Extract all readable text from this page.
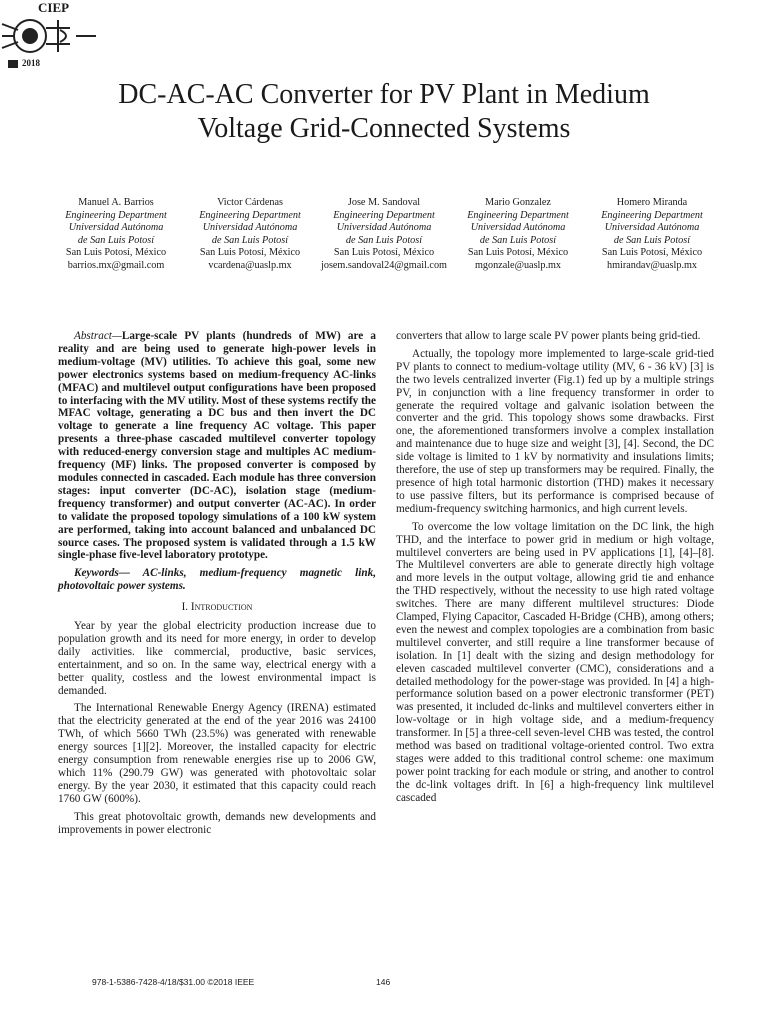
CIEP
2018
DC-AC-AC Converter for PV Plant in Medium
Voltage Grid-Connected Systems
Manuel A. Barrios
Engineering Department
Universidad Autónoma
de San Luis Potosí
San Luis Potosí, México
barrios.mx@gmail.com
Victor Cárdenas
Engineering Department
Universidad Autónoma
de San Luis Potosí
San Luis Potosí, México
vcardena@uaslp.mx
Jose M. Sandoval
Engineering Department
Universidad Autónoma
de San Luis Potosí
San Luis Potosí, México
josem.sandoval24@gmail.com
Mario Gonzalez
Engineering Department
Universidad Autónoma
de San Luis Potosí
San Luis Potosí, México
mgonzale@uaslp.mx
Homero Miranda
Engineering Department
Universidad Autónoma
de San Luis Potosí
San Luis Potosí, México
hmirandav@uaslp.mx

Abstract—Large-scale PV plants (hundreds of MW) are a reality and are being used to generate high-power levels in medium-voltage (MV) utilities. To achieve this goal, some new power electronics systems based on medium-frequency AC-links (MFAC) and multilevel output configurations have been proposed to interfacing with the MV utility. Most of these systems rectify the MFAC voltage, generating a DC bus and then invert the DC voltage to generate a line frequency AC voltage. This paper presents a three-phase cascaded multilevel converter topology with reduced-energy conversion stage and multiples AC medium-frequency (MF) links. The proposed converter is composed by modules connected in cascaded. Each module has three conversion stages: input converter (DC-AC), isolation stage (medium-frequency transformer) and output converter (AC-AC). In order to validate the proposed topology simulations of a 100 kW system are performed, taking into account balanced and unbalanced DC source cases. The proposed system is validated through a 1.5 kW single-phase five-level laboratory prototype.

Keywords— AC-links, medium-frequency magnetic link, photovoltaic power systems.

I. Introduction

Year by year the global electricity production increase due to population growth and its need for more energy, in order to develop daily activities. like commercial, productive, basic services, entertainment, and so on. In the same way, electrical energy with a better quality, costless and the lowest environmental impact is demanded.

The International Renewable Energy Agency (IRENA) estimated that the electricity generated at the end of the year 2016 was 24100 TWh, of which 5660 TWh (23.5%) was generated with renewable energy sources [1][2]. Moreover, the installed capacity for electric energy consumption from renewable energies rise up to 2006 GW, which 11% (290.79 GW) was generated with photovoltaic solar energy. By the year 2030, it estimated that this capacity could reach 1760 GW (600%).

This great photovoltaic growth, demands new developments and improvements in power electronic

converters that allow to large scale PV power plants being grid-tied.

Actually, the topology more implemented to large-scale grid-tied PV plants to connect to medium-voltage utility (MV, 6 - 36 kV) [3] is the two levels centralized inverter (Fig.1) fed up by a multiple strings PV, in conjunction with a line frequency transformer in order to generate the required voltage and galvanic isolation between the converter and the grid. This topology shows some drawbacks. First one, the aforementioned transformers involve a complex installation and maintenance due to huge size and weight [3], [4]. Second, the DC side voltage is limited to 1 kV by normativity and insulations limits; therefore, the use of step up transformers may be required. Finally, the presence of high total harmonic distortion (THD) makes it necessary to use passive filters, but its performance is comprised because of medium-frequency switching harmonics, and high current levels.

To overcome the low voltage limitation on the DC link, the high THD, and the interface to power grid in medium or high voltage, multilevel converters are being used in PV applications [1], [4]–[8]. The Multilevel converters are able to generate directly high voltage and more levels in the output voltage, allowing grid tie and enhance the THD respectively, without the necessity to use high rated voltage switches. There are many different multilevel structures: Diode Clamped, Flying Capacitor, Cascaded H-Bridge (CHB), among others; even the newest and complex topologies are a combination from basic multilevel converter, and still require a line transformer because of isolation. In [1] dealt with the sizing and design methodology for eleven cascaded multilevel converter (CMC), considerations and a detailed methodology for the power-stage was provided. In [4] a high-performance solution based on a power electronic transformer (PET) was presented, it included dc-links and multilevel converters either in low-voltage or in high voltage side, and a medium-frequency transformer. In [5] a three-cell seven-level CHB was tested, the control method was based on traditional voltage-oriented control. Two extra stages were added to this traditional control scheme: one maximum power point tracking for each module or string, and another to control the dc-link voltages drift. In [6] a high-frequency link multilevel cascaded

978-1-5386-7428-4/18/$31.00 ©2018 IEEE	146
